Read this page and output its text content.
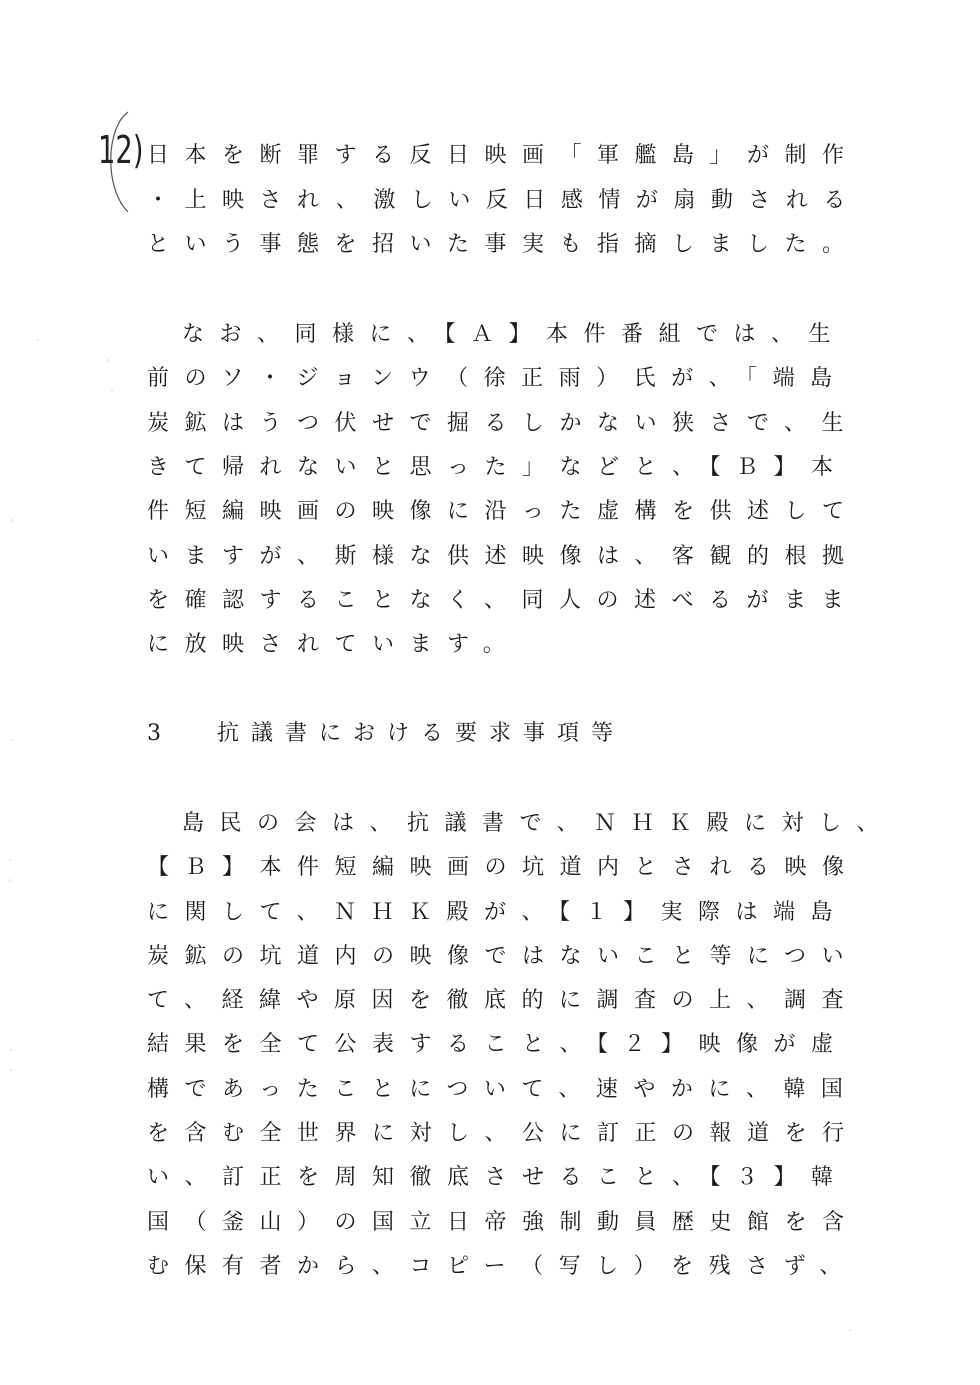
12) 日本を断罪する反日映画「軍艦島」が制作
・上映され、激しい反日感情が扇動される
という事態を招いた事実も指摘しました。
なお、同様に、【Ａ】本件番組では、生
前のソ・ジョンウ（徐正雨）氏が、「端島
炭鉱はうつ伏せで掘るしかない狭さで、生
きて帰れないと思った」などと、【Ｂ】本
件短編映画の映像に沿った虚構を供述して
いますが、斯様な供述映像は、客観的根拠
を確認することなく、同人の述べるがまま
に放映されています。
3	抗議書における要求事項等
島民の会は、抗議書で、ＮＨＫ殿に対し、
【Ｂ】本件短編映画の坑道内とされる映像
に関して、ＮＨＫ殿が、【１】実際は端島
炭鉱の坑道内の映像ではないこと等につい
て、経緯や原因を徹底的に調査の上、調査
結果を全て公表すること、【２】映像が虚
構であったことについて、速やかに、韓国
を含む全世界に対し、公に訂正の報道を行
い、訂正を周知徹底させること、【３】韓
国（釜山）の国立日帝強制動員歴史館を含
む保有者から、コピー（写し）を残さず、
